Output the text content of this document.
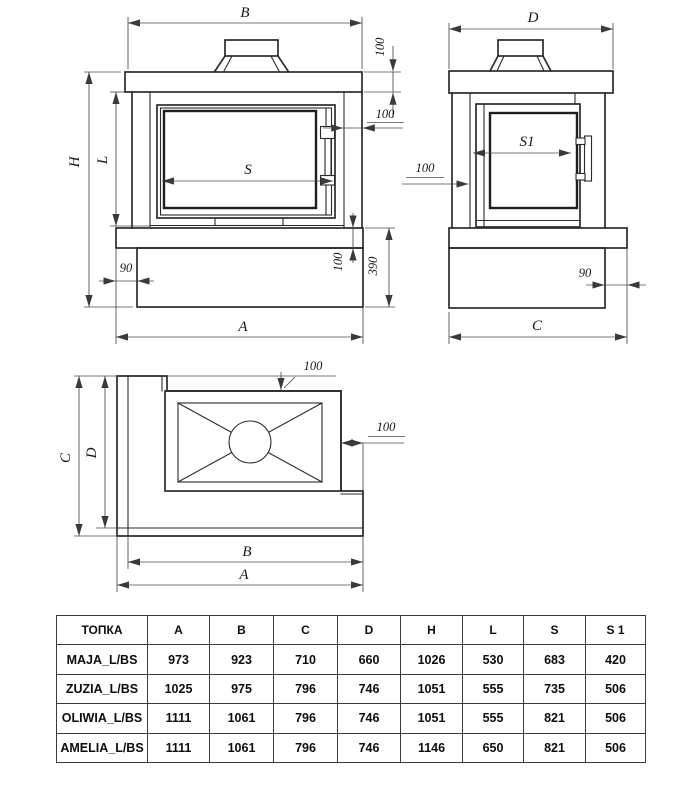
B
100
100
H L
S
90	100 390
A
D
S1
100
90
C
C D
100
100
B
A
ТОПКА	A	B	C	D	H	L	S	S 1
MAJA_L/BS	973	923	710	660	1026	530	683	420
ZUZIA_L/BS	1025	975	796	746	1051	555	735	506
OLIWIA_L/BS	1111	1061	796	746	1051	555	821	506
AMELIA_L/BS	1111	1061	796	746	1146	650	821	506
